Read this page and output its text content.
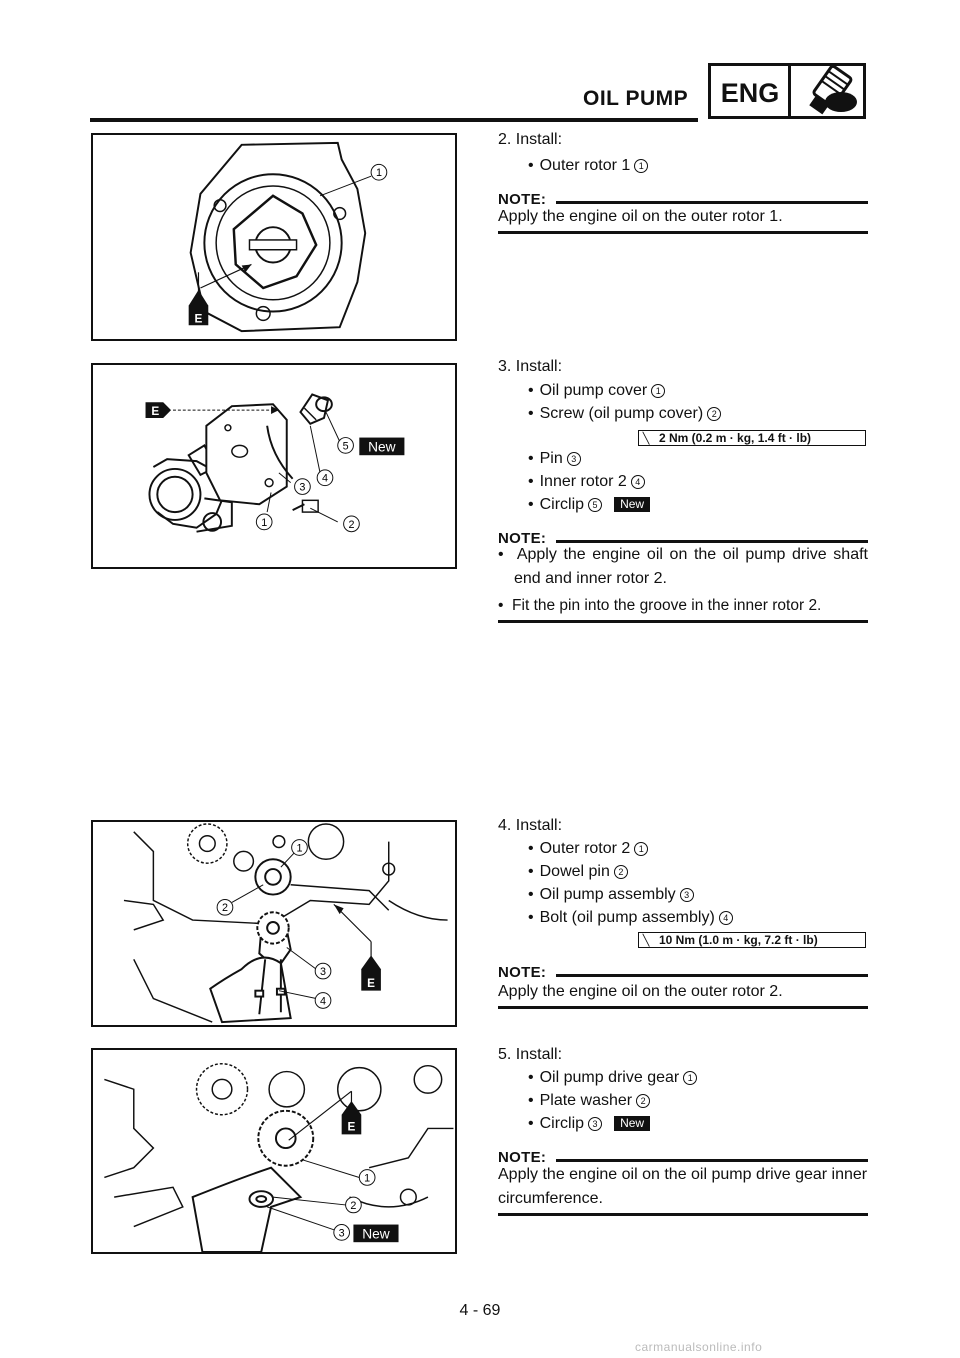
OIL PUMP	ENG
E
1
2. Install:
• Outer rotor 1 1
NOTE:
Apply the engine oil on the outer rotor 1.
E
1	2
3
4
5 New
3. Install:
• Oil pump cover 1
• Screw (oil pump cover) 2
╲ 2 Nm (0.2 m · kg, 1.4 ft · lb)
• Pin 3
• Inner rotor 2 4
• Circlip 5 New
NOTE:
•  Apply the engine oil on the oil pump drive shaft end and inner rotor 2.
•  Fit the pin into the groove in the inner rotor 2.
E
1
2
3
4
4. Install:
• Outer rotor 2 1
• Dowel pin 2
• Oil pump assembly 3
• Bolt (oil pump assembly) 4
╲ 10 Nm (1.0 m · kg, 7.2 ft · lb)
NOTE:
Apply the engine oil on the outer rotor 2.
E
1
2
3 New
5. Install:
• Oil pump drive gear 1
• Plate washer 2
• Circlip 3 New
NOTE:
Apply the engine oil on the oil pump drive gear inner circumference.
4 - 69
carmanualsonline.info
